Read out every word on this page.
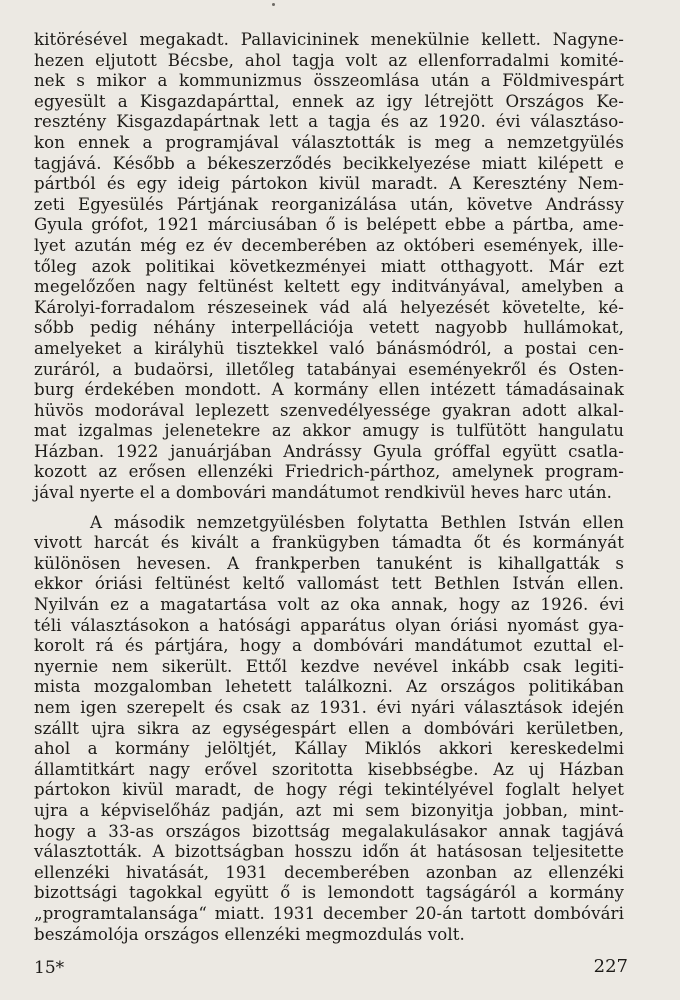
kitörésével megakadt. Pallavicininek menekülnie kellett. Nagyne-
hezen eljutott Bécsbe, ahol tagja volt az ellenforradalmi komité-
nek s mikor a kommunizmus összeomlása után a Földmivespárt
egyesült a Kisgazdapárttal, ennek az igy létrejött Országos Ke-
resztény Kisgazdapártnak lett a tagja és az 1920. évi választáso-
kon ennek a programjával választották is meg a nemzetgyülés
tagjává. Később a békeszerződés becikkelyezése miatt kilépett e
pártból és egy ideig pártokon kivül maradt. A Keresztény Nem-
zeti Egyesülés Pártjának reorganizálása után, követve Andrássy
Gyula grófot, 1921 márciusában ő is belépett ebbe a pártba, ame-
lyet azután még ez év decemberében az októberi események, ille-
tőleg azok politikai következményei miatt otthagyott. Már ezt
megelőzően nagy feltünést keltett egy inditványával, amelyben a
Károlyi-forradalom részeseinek vád alá helyezését követelte, ké-
sőbb pedig néhány interpellációja vetett nagyobb hullámokat,
amelyeket a királyhü tisztekkel való bánásmódról, a postai cen-
zuráról, a budaörsi, illetőleg tatabányai eseményekről és Osten-
burg érdekében mondott. A kormány ellen intézett támadásainak
hüvös modorával leplezett szenvedélyessége gyakran adott alkal-
mat izgalmas jelenetekre az akkor amugy is tulfütött hangulatu
Házban. 1922 januárjában Andrássy Gyula gróffal együtt csatla-
kozott az erősen ellenzéki Friedrich-párthoz, amelynek program-
jával nyerte el a dombovári mandátumot rendkivül heves harc után.
A második nemzetgyülésben folytatta Bethlen István ellen
vivott harcát és kivált a frankügyben támadta őt és kormányát
különösen hevesen. A frankperben tanuként is kihallgatták s
ekkor óriási feltünést keltő vallomást tett Bethlen István ellen.
Nyilván ez a magatartása volt az oka annak, hogy az 1926. évi
téli választásokon a hatósági apparátus olyan óriási nyomást gya-
korolt rá és pártjára, hogy a dombóvári mandátumot ezuttal el-
nyernie nem sikerült. Ettől kezdve nevével inkább csak legiti-
mista mozgalomban lehetett találkozni. Az országos politikában
nem igen szerepelt és csak az 1931. évi nyári választások idején
szállt ujra sikra az egységespárt ellen a dombóvári kerületben,
ahol a kormány jelöltjét, Kállay Miklós akkori kereskedelmi
államtitkárt nagy erővel szoritotta kisebbségbe. Az uj Házban
pártokon kivül maradt, de hogy régi tekintélyével foglalt helyet
ujra a képviselőház padján, azt mi sem bizonyitja jobban, mint-
hogy a 33-as országos bizottság megalakulásakor annak tagjává
választották. A bizottságban hosszu időn át hatásosan teljesitette
ellenzéki hivatását, 1931 decemberében azonban az ellenzéki
bizottsági tagokkal együtt ő is lemondott tagságáról a kormány
„programtalansága“ miatt. 1931 december 20-án tartott dombóvári
beszámolója országos ellenzéki megmozdulás volt.
15*	227
